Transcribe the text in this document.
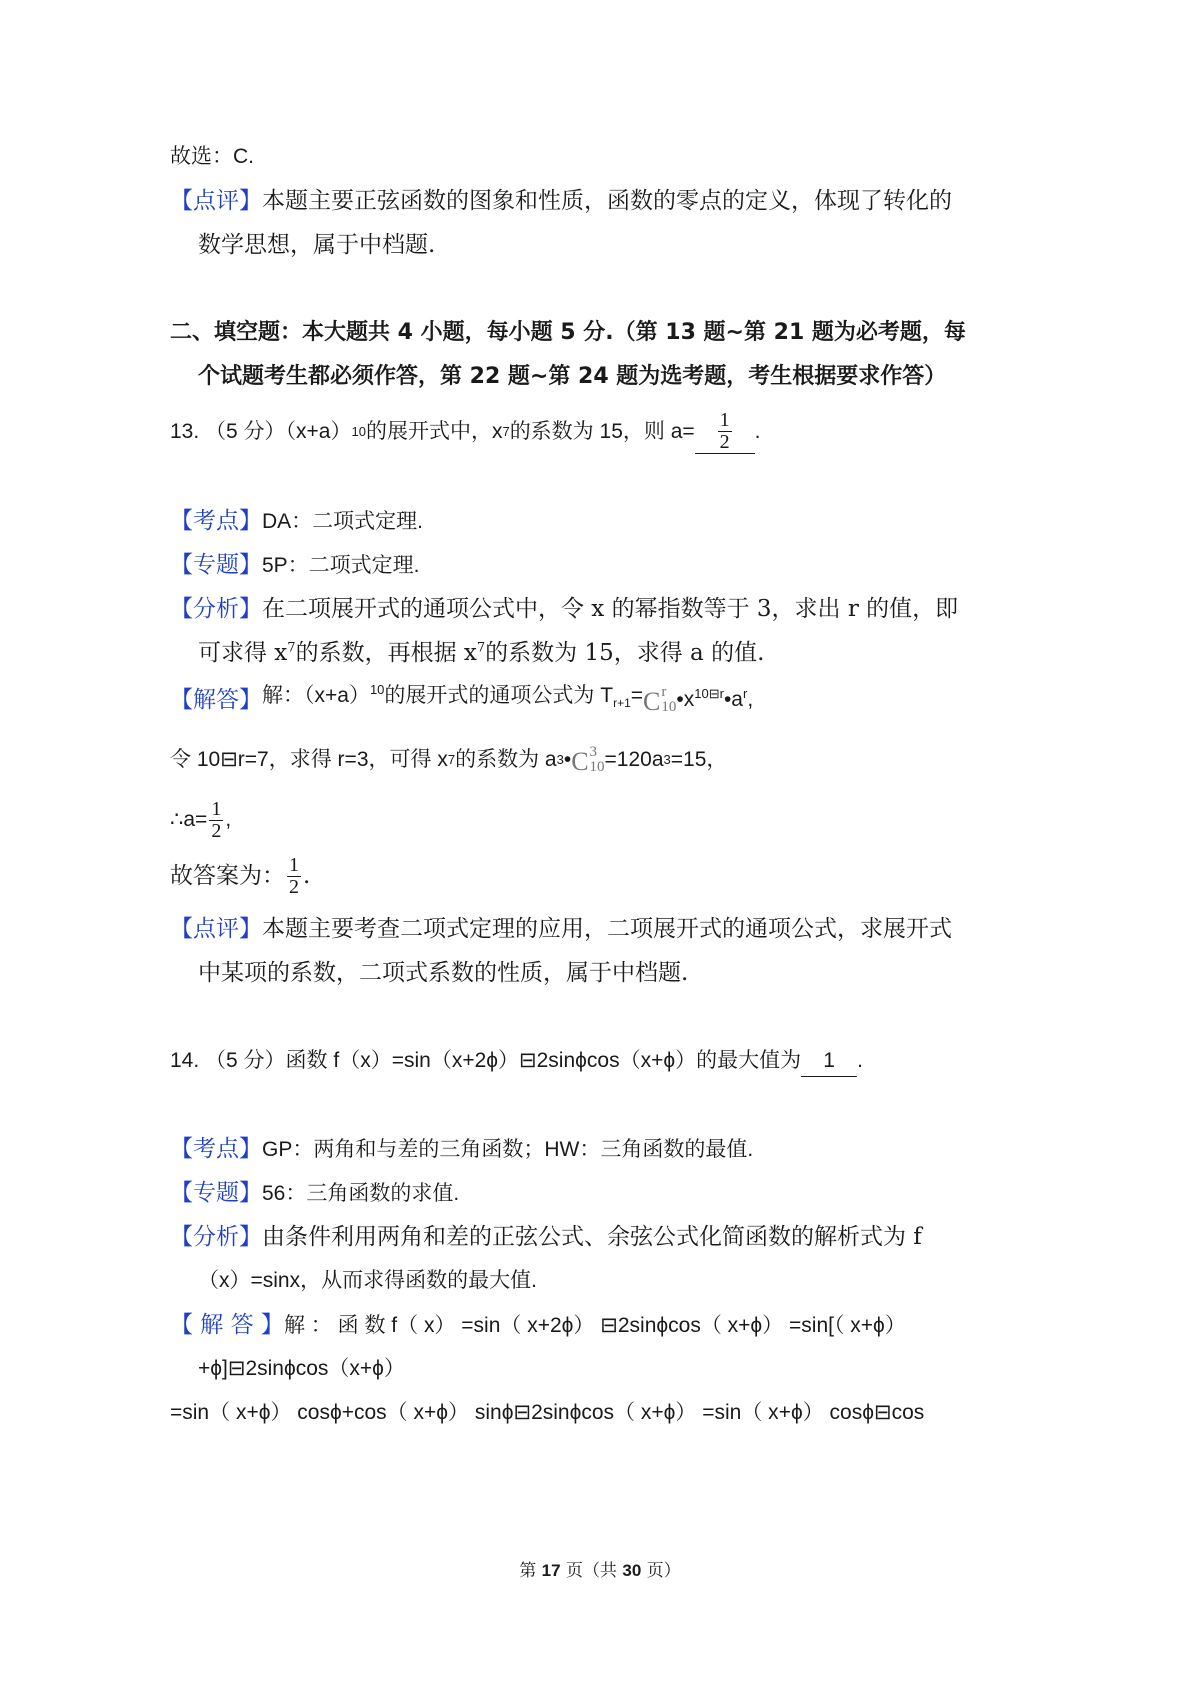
故选：C.
【点评】本题主要正弦函数的图象和性质，函数的零点的定义，体现了转化的
数学思想，属于中档题.
二、填空题：本大题共 4 小题，每小题 5 分.（第 13 题~第 21 题为必考题，每
个试题考生都必须作答，第 22 题~第 24 题为选考题，考生根据要求作答）
13. （5 分）（x+a） 10 的展开式中，x 7 的系数为 15，则 $a= \frac{1}{2}$ .
【考点】DA：二项式定理.
【专题】5P：二项式定理.
【分析】在二项展开式的通项公式中，令 x 的幂指数等于 3，求出 r 的值，即
可求得 $x^7$的系数，再根据 $x^7$的系数为 15，求得 a 的值.
【解答】 解：$(x+a)^{10}$的展开式的通项公式为 $T_{r+1}= C$ r
10 $•x^{10⊟r}•a^r$,
令 10⊟r=7，求得 r=3，可得 x 7 的系数为 a 3 • C 3
10 =120a 3 =15，
∴a= $\frac{1}{2}$ ,
故答案为： $\frac{1}{2}$ .
【点评】本题主要考查二项式定理的应用，二项展开式的通项公式，求展开式
中某项的系数，二项式系数的性质，属于中档题.
14. （5 分）函数 f（x）=sin（x+2ϕ）⊟2sinϕcos（x+ϕ）的最大值为 1 .
【考点】GP：两角和与差的三角函数；HW：三角函数的最值.
【专题】56：三角函数的求值.
【分析】由条件利用两角和差的正弦公式、余弦公式化简函数的解析式为 f
（x）=sinx，从而求得函数的最大值.
【 解 答 】解 ： 函 数 f（ x） =sin（ x+2ϕ） ⊟2sinϕcos（ x+ϕ） =sin[（ x+ϕ）
+ϕ]⊟2sinϕcos（x+ϕ）
=sin（ x+ϕ） cosϕ+cos（ x+ϕ） sinϕ⊟2sinϕcos（ x+ϕ） =sin（ x+ϕ） cosϕ⊟cos
第 17 页（共 30 页）
